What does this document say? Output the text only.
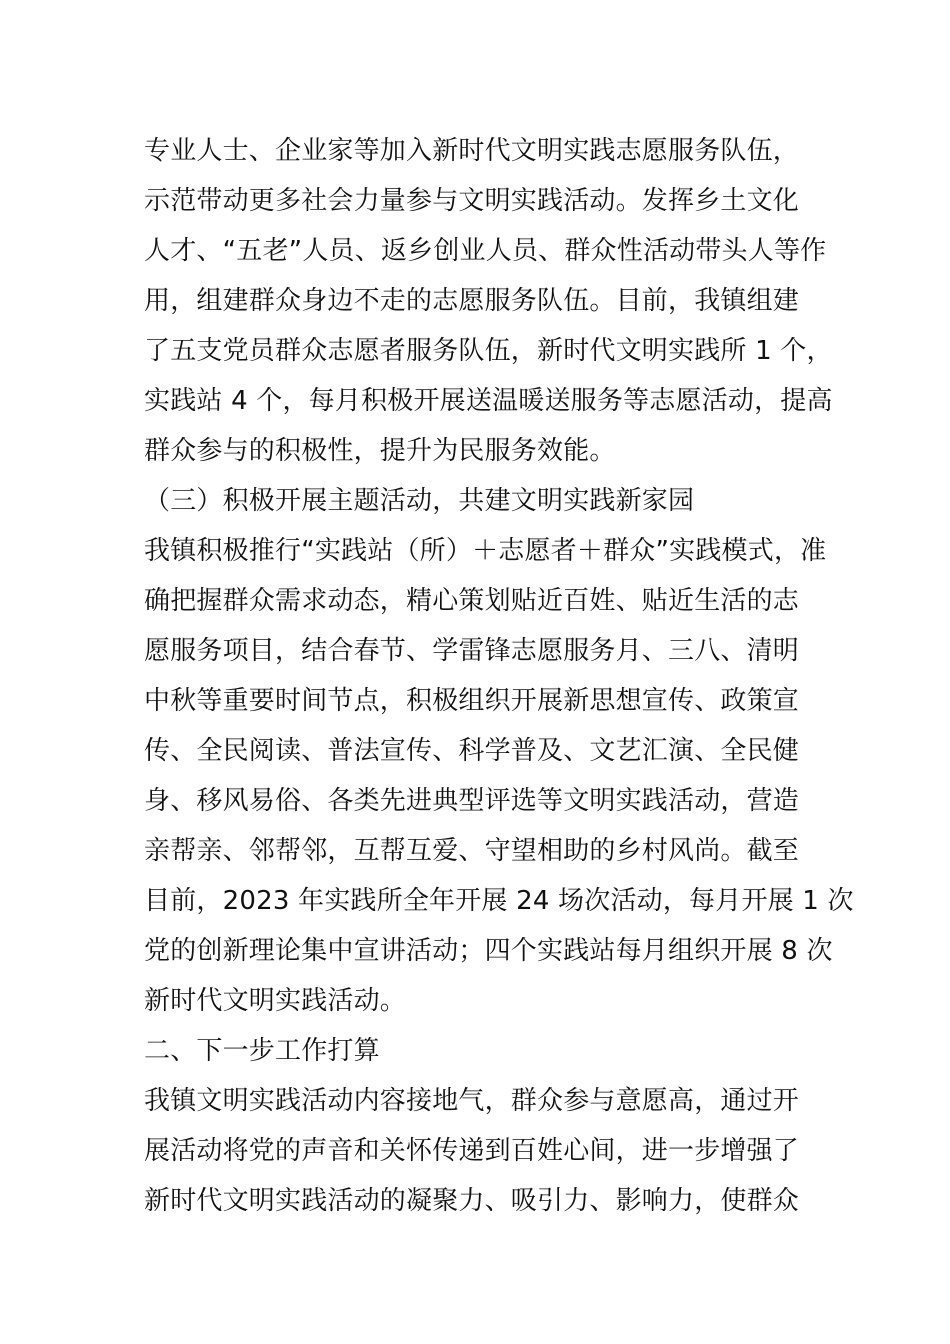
专业人士、企业家等加入新时代文明实践志愿服务队伍，
示范带动更多社会力量参与文明实践活动。发挥乡土文化
人才、“五老”人员、返乡创业人员、群众性活动带头人等作
用，组建群众身边不走的志愿服务队伍。目前，我镇组建
了五支党员群众志愿者服务队伍，新时代文明实践所 1 个，
实践站 4 个，每月积极开展送温暖送服务等志愿活动，提高
群众参与的积极性，提升为民服务效能。
（三）积极开展主题活动，共建文明实践新家园
我镇积极推行“实践站（所）＋志愿者＋群众”实践模式，准
确把握群众需求动态，精心策划贴近百姓、贴近生活的志
愿服务项目，结合春节、学雷锋志愿服务月、三八、清明
中秋等重要时间节点，积极组织开展新思想宣传、政策宣
传、全民阅读、普法宣传、科学普及、文艺汇演、全民健
身、移风易俗、各类先进典型评选等文明实践活动，营造
亲帮亲、邻帮邻，互帮互爱、守望相助的乡村风尚。截至
目前，2023 年实践所全年开展 24 场次活动，每月开展 1 次
党的创新理论集中宣讲活动；四个实践站每月组织开展 8 次
新时代文明实践活动。
二、下一步工作打算
我镇文明实践活动内容接地气，群众参与意愿高，通过开
展活动将党的声音和关怀传递到百姓心间，进一步增强了
新时代文明实践活动的凝聚力、吸引力、影响力，使群众
